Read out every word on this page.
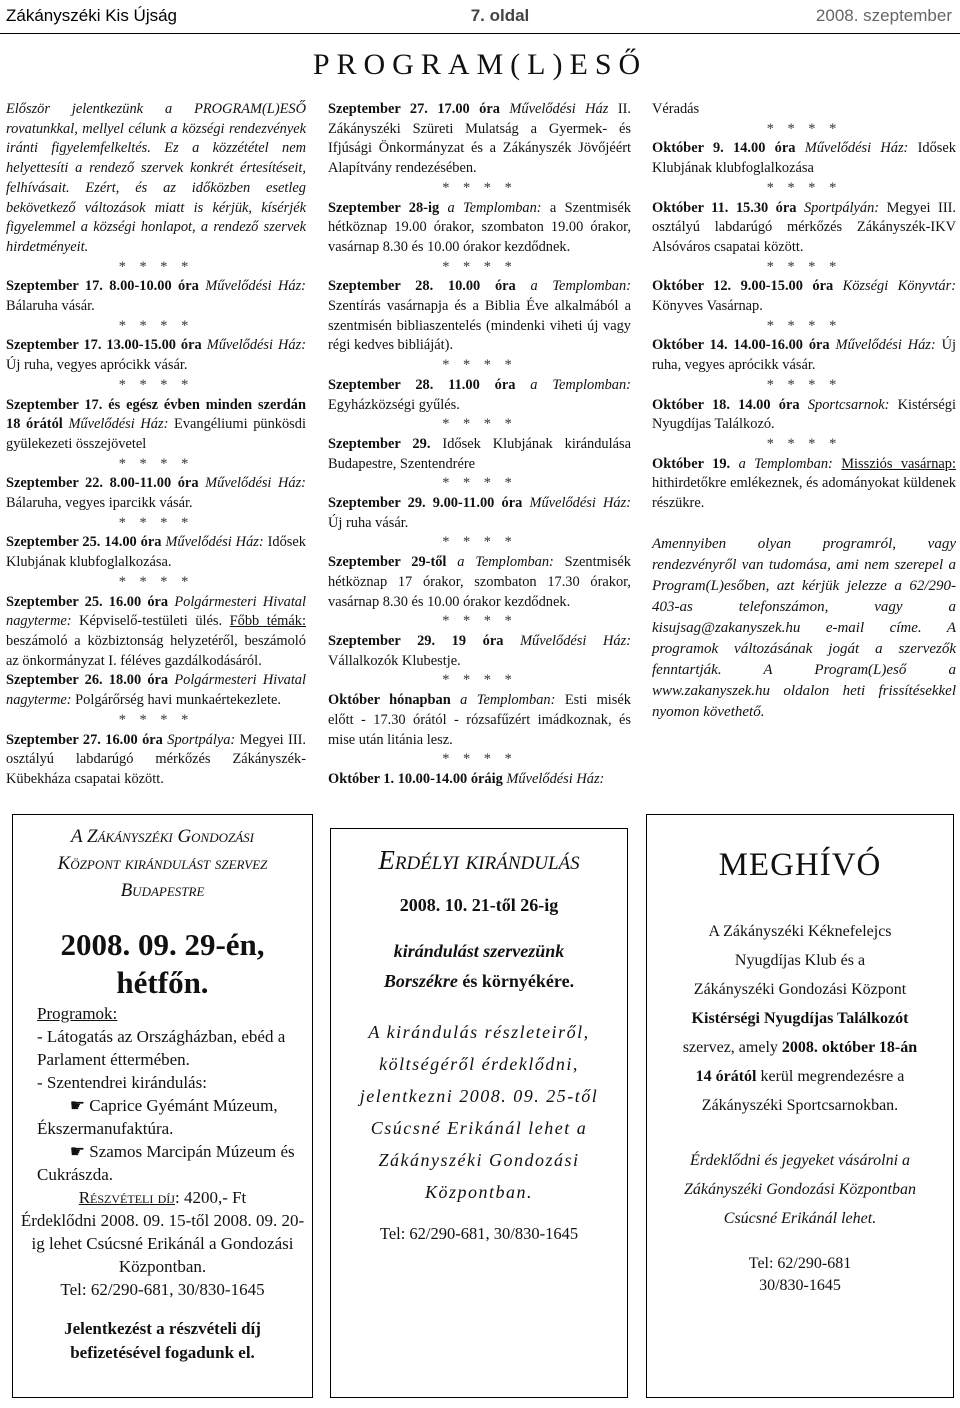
Zákányszéki Kis Újság	7. oldal	2008. szeptember
PROGRAM(L)ESŐ

Először jelentkezünk a PROGRAM(L)ESŐ rovatunkkal, mellyel célunk a községi rendezvények iránti figyelemfelkeltés. Ez a közzététel nem helyettesíti a rendező szervek konkrét értesítéseit, felhívásait. Ezért, és az időközben esetleg bekövetkező változások miatt is kérjük, kísérjék figyelemmel a községi honlapot, a rendező szervek hirdetményeit.

* * * *

Szeptember 17. 8.00-10.00 óra Művelődési Ház: Bálaruha vásár.

* * * *

Szeptember 17. 13.00-15.00 óra Művelődési Ház: Új ruha, vegyes aprócikk vásár.

* * * *

Szeptember 17. és egész évben minden szerdán 18 órától Művelődési Ház: Evangéliumi pünkösdi gyülekezeti összejövetel

* * * *

Szeptember 22. 8.00-11.00 óra Művelődési Ház: Bálaruha, vegyes iparcikk vásár.

* * * *

Szeptember 25. 14.00 óra Művelődési Ház: Idősek Klubjának klubfoglalkozása.

* * * *

Szeptember 25. 16.00 óra Polgármesteri Hivatal nagyterme: Képviselő-testületi ülés. Főbb témák: beszámoló a közbiztonság helyzetéről, beszámoló az önkormányzat I. féléves gazdálkodásáról.

Szeptember 26. 18.00 óra Polgármesteri Hivatal nagyterme: Polgárőrség havi munkaértekezlete.

* * * *

Szeptember 27. 16.00 óra Sportpálya: Megyei III. osztályú labdarúgó mérkőzés Zákányszék-Kübekháza csapatai között.

Szeptember 27. 17.00 óra Művelődési Ház II. Zákányszéki Szüreti Mulatság a Gyermek- és Ifjúsági Önkormányzat és a Zákányszék Jövőjéért Alapítvány rendezésében.

* * * *

Szeptember 28-ig a Templomban: a Szentmisék hétköznap 19.00 órakor, szombaton 19.00 órakor, vasárnap 8.30 és 10.00 órakor kezdődnek.

* * * *

Szeptember 28. 10.00 óra a Templomban: Szentírás vasárnapja és a Biblia Éve alkalmából a szentmisén bibliaszentelés (mindenki viheti új vagy régi kedves bibliáját).

* * * *

Szeptember 28. 11.00 óra a Templomban: Egyházközségi gyűlés.

* * * *

Szeptember 29. Idősek Klubjának kirándulása Budapestre, Szentendrére

* * * *

Szeptember 29. 9.00-11.00 óra Művelődési Ház: Új ruha vásár.

* * * *

Szeptember 29-től a Templomban: Szentmisék hétköznap 17 órakor, szombaton 17.30 órakor, vasárnap 8.30 és 10.00 órakor kezdődnek.

* * * *

Szeptember 29. 19 óra Művelődési Ház: Vállalkozók Klubestje.

* * * *

Október hónapban a Templomban: Esti misék előtt - 17.30 órától - rózsafűzért imádkoznak, és mise után litánia lesz.

* * * *

Október 1. 10.00-14.00 óráig Művelődési Ház:

Véradás

* * * *

Október 9. 14.00 óra Művelődési Ház: Idősek Klubjának klubfoglalkozása

* * * *

Október 11. 15.30 óra Sportpályán: Megyei III. osztályú labdarúgó mérkőzés Zákányszék-IKV Alsóváros csapatai között.

* * * *

Október 12. 9.00-15.00 óra Községi Könyvtár: Könyves Vasárnap.

* * * *

Október 14. 14.00-16.00 óra Művelődési Ház: Új ruha, vegyes aprócikk vásár.

* * * *

Október 18. 14.00 óra Sportcsarnok: Kistérségi Nyugdíjas Találkozó.

* * * *

Október 19. a Templomban: Missziós vasárnap: hithirdetőkre emlékeznek, és adományokat küldenek részükre.

Amennyiben olyan programról, vagy rendezvényről van tudomása, ami nem szerepel a Program(L)esőben, azt kérjük jelezze a 62/290-403-as telefonszámon, vagy a kisujsag@zakanyszek.hu e-mail címe. A programok változásának jogát a szervezők fenntartják. A Program(L)eső a www.zakanyszek.hu oldalon heti frissítésekkel nyomon követhető.

A Zákányszéki Gondozási
Központ kirándulást szervez
Budapestre

2008. 09. 29-én,
hétfőn.

Programok:

- Látogatás az Országházban, ebéd a Parlament éttermében.

- Szentendrei kirándulás:

☛ Caprice Gyémánt Múzeum, Ékszermanufaktúra.

☛ Szamos Marcipán Múzeum és Cukrászda.

Részvételi díj: 4200,- Ft

Érdeklődni 2008. 09. 15-től 2008. 09. 20-ig lehet Csúcsné Erikánál a Gondozási Központban.

Tel: 62/290-681, 30/830-1645

Jelentkezést a részvételi díj befizetésével fogadunk el.

Erdélyi kirándulás

2008. 10. 21-től 26-ig

kirándulást szervezünk

Borszékre és környékére.

A kirándulás részleteiről, költségéről érdeklődni, jelentkezni 2008. 09. 25-től Csúcsné Erikánál lehet a Zákányszéki Gondozási Központban.

Tel: 62/290-681, 30/830-1645

MEGHÍVÓ

A Zákányszéki Kéknefelejcs

Nyugdíjas Klub és a

Zákányszéki Gondozási Központ

Kistérségi Nyugdíjas Találkozót

szervez, amely 2008. október 18-án

14 órától kerül megrendezésre a

Zákányszéki Sportcsarnokban.

Érdeklődni és jegyeket vásárolni a Zákányszéki Gondozási Központban Csúcsné Erikánál lehet.

Tel: 62/290-681
30/830-1645
